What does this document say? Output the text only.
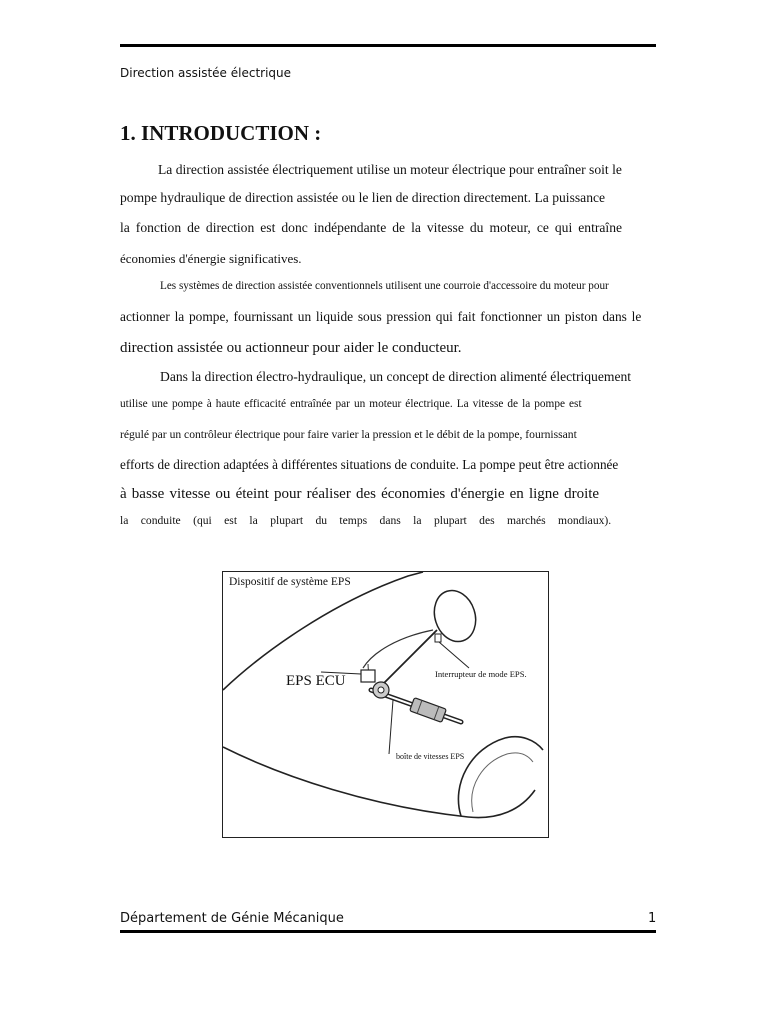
Direction assistée électrique
1. INTRODUCTION :
La direction assistée électriquement utilise un moteur électrique pour entraîner soit le
pompe hydraulique de direction assistée ou le lien de direction directement. La puissance
la fonction de direction est donc indépendante de la vitesse du moteur, ce qui entraîne
économies d'énergie significatives.
Les systèmes de direction assistée conventionnels utilisent une courroie d'accessoire du moteur pour
actionner la pompe, fournissant un liquide sous pression qui fait fonctionner un piston dans le
direction assistée ou actionneur pour aider le conducteur.
Dans la direction électro-hydraulique, un concept de direction alimenté électriquement
utilise une pompe à haute efficacité entraînée par un moteur électrique. La vitesse de la pompe est
régulé par un contrôleur électrique pour faire varier la pression et le débit de la pompe, fournissant
efforts de direction adaptées à différentes situations de conduite. La pompe peut être actionnée
à basse vitesse ou éteint pour réaliser des économies d'énergie en ligne droite
la conduite (qui est la plupart du temps dans la plupart des marchés mondiaux).
Dispositif de système EPS
EPS ECU	Interrupteur de mode EPS.
boîte de vitesses EPS
Département de Génie Mécanique	1
